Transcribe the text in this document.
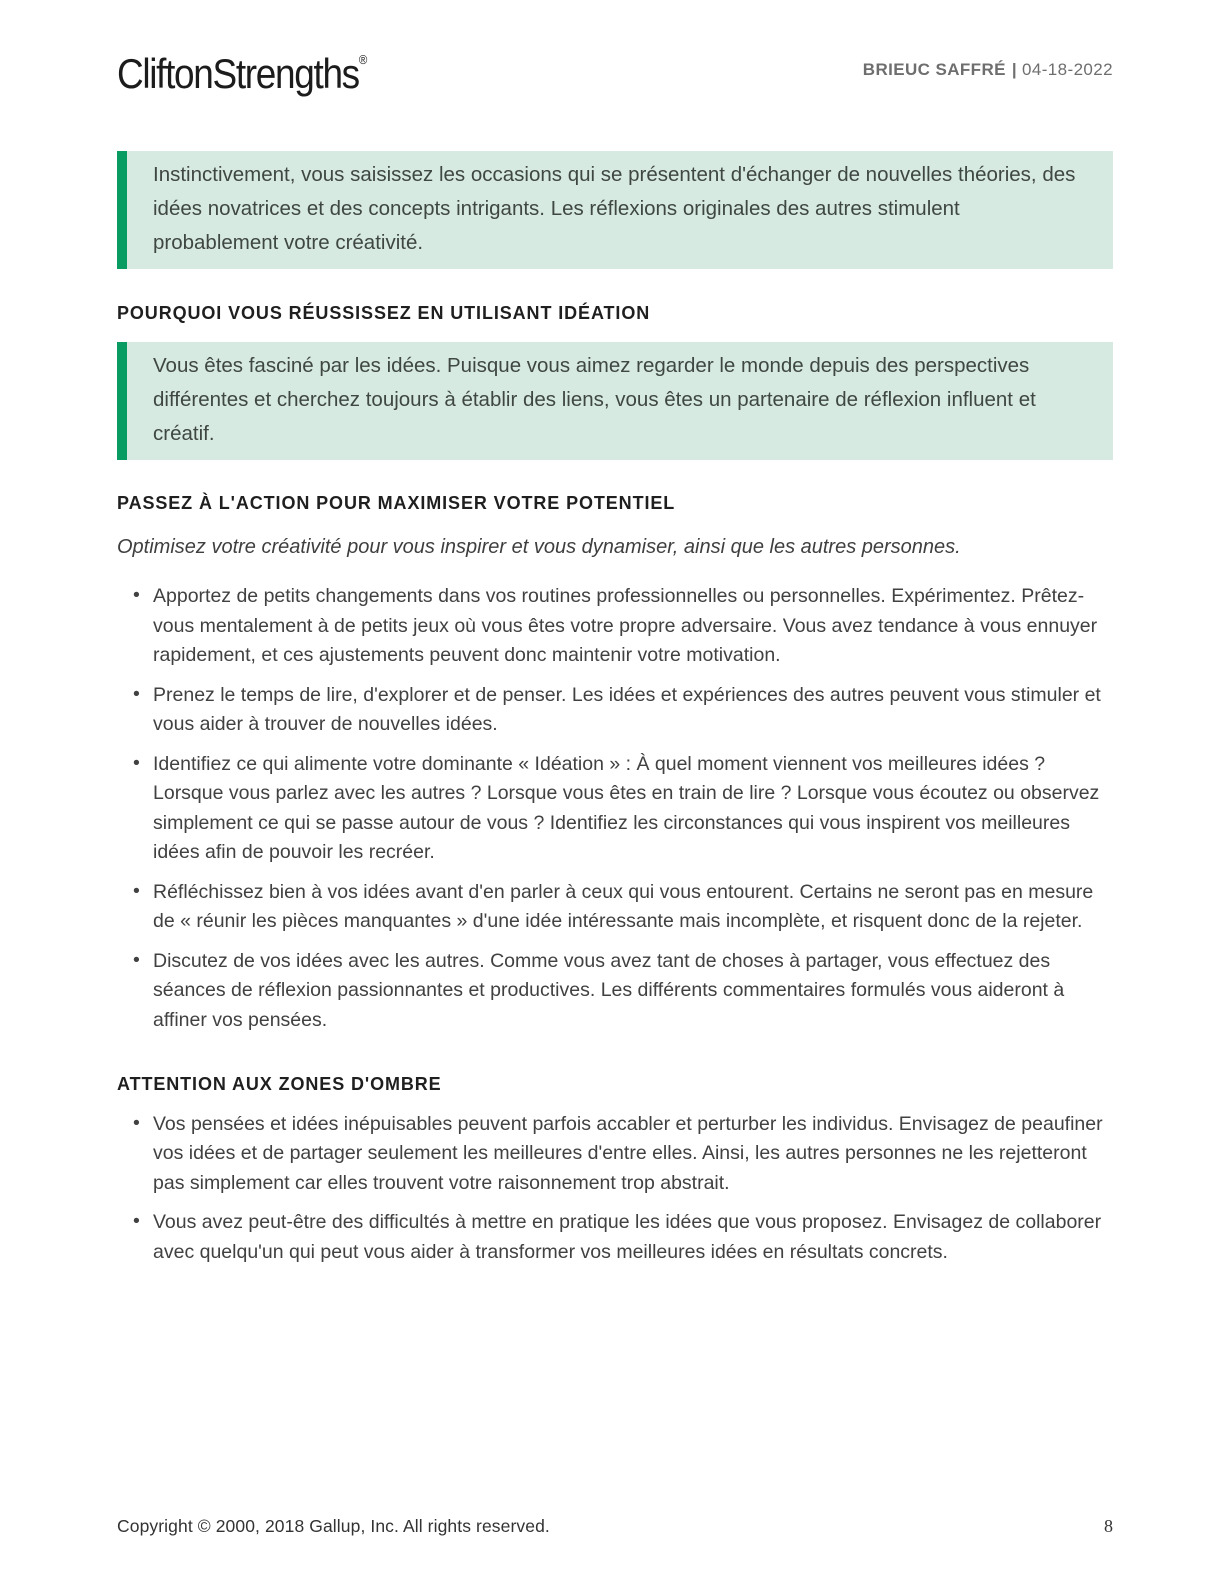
CliftonStrengths®
BRIEUC SAFFRÉ | 04-18-2022
Instinctivement, vous saisissez les occasions qui se présentent d'échanger de nouvelles théories, des idées novatrices et des concepts intrigants. Les réflexions originales des autres stimulent probablement votre créativité.
POURQUOI VOUS RÉUSSISSEZ EN UTILISANT IDÉATION
Vous êtes fasciné par les idées. Puisque vous aimez regarder le monde depuis des perspectives différentes et cherchez toujours à établir des liens, vous êtes un partenaire de réflexion influent et créatif.
PASSEZ À L'ACTION POUR MAXIMISER VOTRE POTENTIEL

Optimisez votre créativité pour vous inspirer et vous dynamiser, ainsi que les autres personnes.

• Apportez de petits changements dans vos routines professionnelles ou personnelles. Expérimentez. Prêtez-vous mentalement à de petits jeux où vous êtes votre propre adversaire. Vous avez tendance à vous ennuyer rapidement, et ces ajustements peuvent donc maintenir votre motivation.
• Prenez le temps de lire, d'explorer et de penser. Les idées et expériences des autres peuvent vous stimuler et vous aider à trouver de nouvelles idées.
• Identifiez ce qui alimente votre dominante « Idéation » : À quel moment viennent vos meilleures idées ? Lorsque vous parlez avec les autres ? Lorsque vous êtes en train de lire ? Lorsque vous écoutez ou observez simplement ce qui se passe autour de vous ? Identifiez les circonstances qui vous inspirent vos meilleures idées afin de pouvoir les recréer.
• Réfléchissez bien à vos idées avant d'en parler à ceux qui vous entourent. Certains ne seront pas en mesure de « réunir les pièces manquantes » d'une idée intéressante mais incomplète, et risquent donc de la rejeter.
• Discutez de vos idées avec les autres. Comme vous avez tant de choses à partager, vous effectuez des séances de réflexion passionnantes et productives. Les différents commentaires formulés vous aideront à affiner vos pensées.
ATTENTION AUX ZONES D'OMBRE
• Vos pensées et idées inépuisables peuvent parfois accabler et perturber les individus. Envisagez de peaufiner vos idées et de partager seulement les meilleures d'entre elles. Ainsi, les autres personnes ne les rejetteront pas simplement car elles trouvent votre raisonnement trop abstrait.
• Vous avez peut-être des difficultés à mettre en pratique les idées que vous proposez. Envisagez de collaborer avec quelqu'un qui peut vous aider à transformer vos meilleures idées en résultats concrets.
Copyright © 2000, 2018 Gallup, Inc. All rights reserved.	8
